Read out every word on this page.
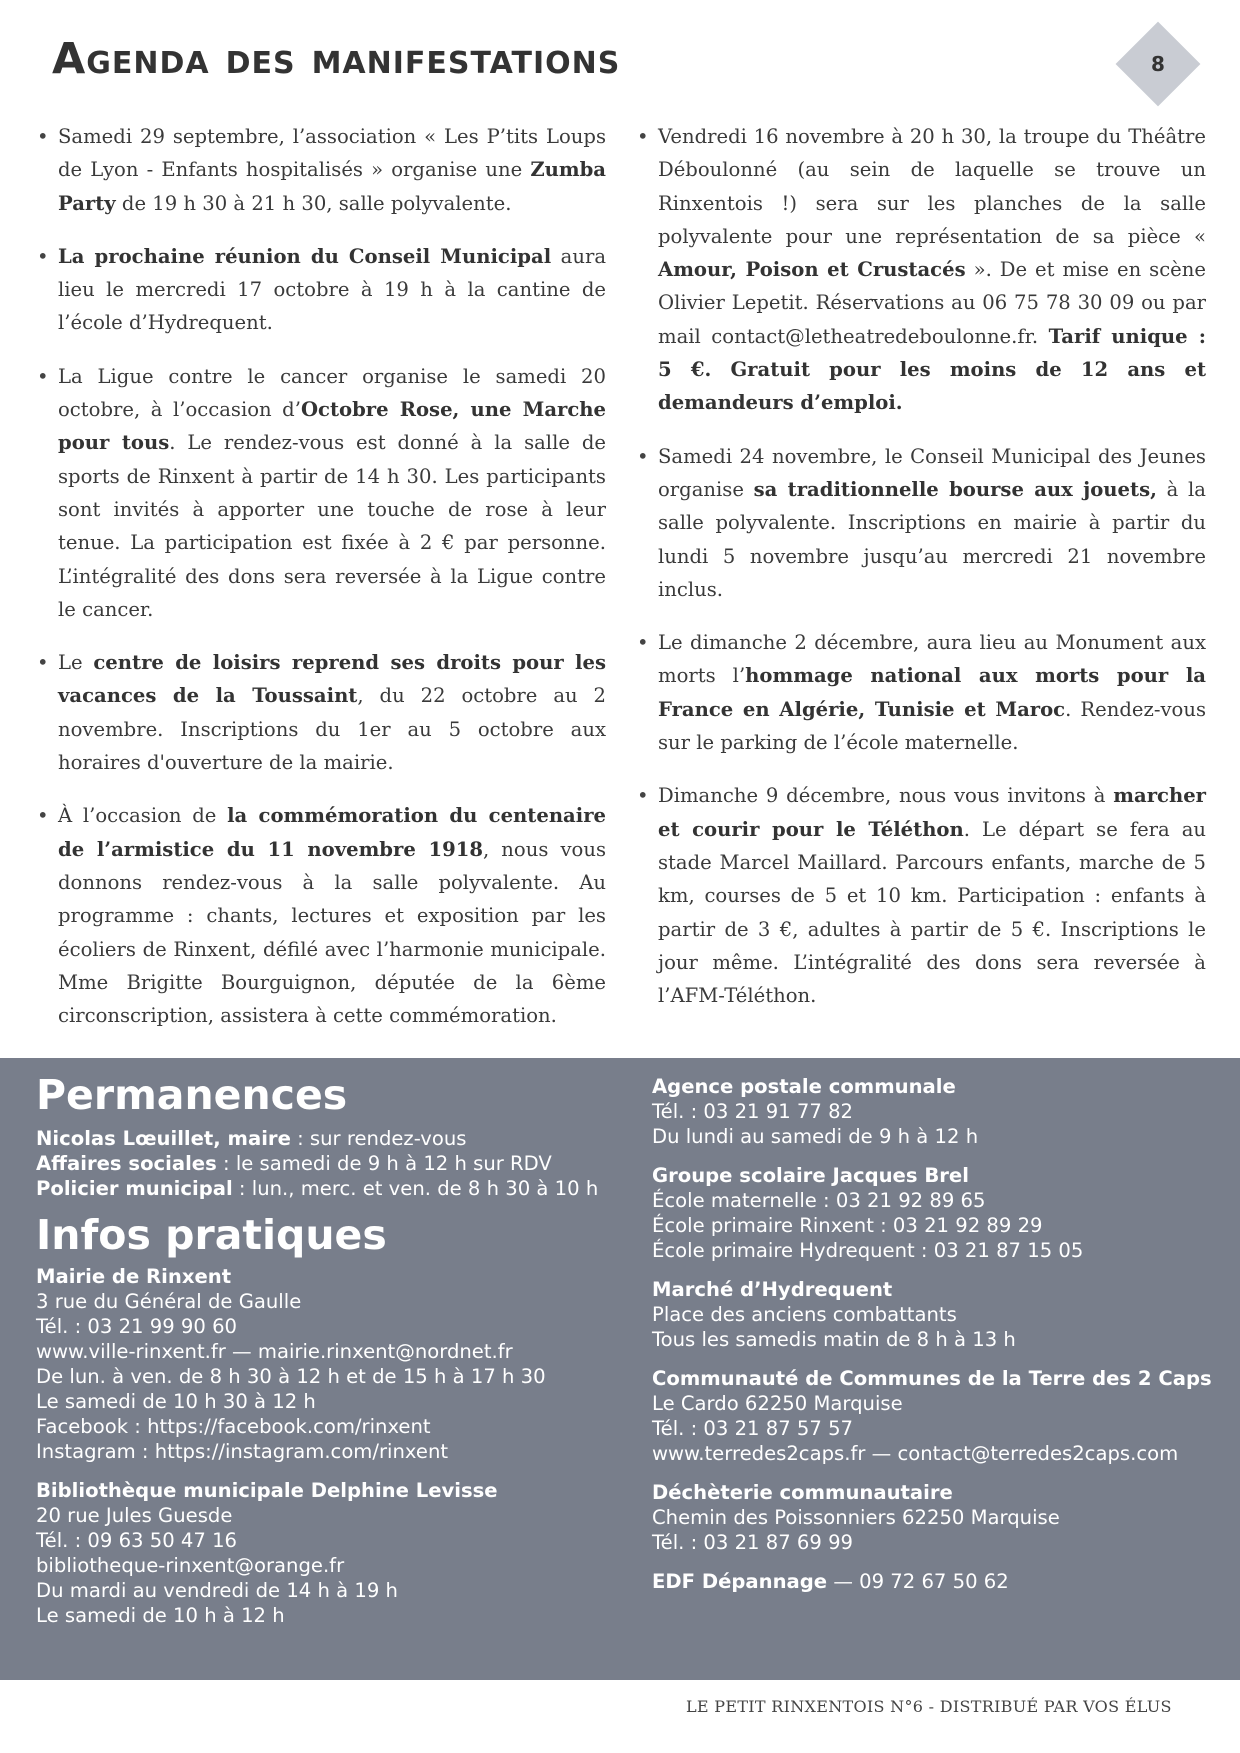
Agenda des manifestations	8
• Samedi 29 septembre, l’association « Les P’tits Loups de Lyon - Enfants hospitalisés » organise une Zumba Party de 19 h 30 à 21 h 30, salle polyvalente.
• La prochaine réunion du Conseil Municipal aura lieu le mercredi 17 octobre à 19 h à la cantine de l’école d’Hydrequent.
• La Ligue contre le cancer organise le samedi 20 octobre, à l’occasion d’Octobre Rose, une Marche pour tous. Le rendez-vous est donné à la salle de sports de Rinxent à partir de 14 h 30. Les participants sont invités à apporter une touche de rose à leur tenue. La participation est fixée à 2 € par personne. L’intégralité des dons sera reversée à la Ligue contre le cancer.
• Le centre de loisirs reprend ses droits pour les vacances de la Toussaint, du 22 octobre au 2 novembre. Inscriptions du 1er au 5 octobre aux horaires d'ouverture de la mairie.
• À l’occasion de la commémoration du centenaire de l’armistice du 11 novembre 1918, nous vous donnons rendez-vous à la salle polyvalente. Au programme : chants, lectures et exposition par les écoliers de Rinxent, défilé avec l’harmonie municipale. Mme Brigitte Bourguignon, députée de la 6ème circonscription, assistera à cette commémoration.
• Vendredi 16 novembre à 20 h 30, la troupe du Théâtre Déboulonné (au sein de laquelle se trouve un Rinxentois !) sera sur les planches de la salle polyvalente pour une représentation de sa pièce « Amour, Poison et Crustacés ». De et mise en scène Olivier Lepetit. Réservations au 06 75 78 30 09 ou par mail contact@letheatredeboulonne.fr. Tarif unique : 5 €. Gratuit pour les moins de 12 ans et demandeurs d’emploi.
• Samedi 24 novembre, le Conseil Municipal des Jeunes organise sa traditionnelle bourse aux jouets, à la salle polyvalente. Inscriptions en mairie à partir du lundi 5 novembre jusqu’au mercredi 21 novembre inclus.
• Le dimanche 2 décembre, aura lieu au Monument aux morts l’hommage national aux morts pour la France en Algérie, Tunisie et Maroc. Rendez-vous sur le parking de l’école maternelle.
• Dimanche 9 décembre, nous vous invitons à marcher et courir pour le Téléthon. Le départ se fera au stade Marcel Maillard. Parcours enfants, marche de 5 km, courses de 5 et 10 km. Participation : enfants à partir de 3 €, adultes à partir de 5 €. Inscriptions le jour même. L’intégralité des dons sera reversée à l’AFM-Téléthon.
Permanences
Nicolas Lœuillet, maire : sur rendez-vous
Affaires sociales : le samedi de 9 h à 12 h sur RDV
Policier municipal : lun., merc. et ven. de 8 h 30 à 10 h
Infos pratiques
Mairie de Rinxent
3 rue du Général de Gaulle
Tél. : 03 21 99 90 60
www.ville-rinxent.fr — mairie.rinxent@nordnet.fr
De lun. à ven. de 8 h 30 à 12 h et de 15 h à 17 h 30
Le samedi de 10 h 30 à 12 h
Facebook : https://facebook.com/rinxent
Instagram : https://instagram.com/rinxent
Bibliothèque municipale Delphine Levisse
20 rue Jules Guesde
Tél. : 09 63 50 47 16
bibliotheque-rinxent@orange.fr
Du mardi au vendredi de 14 h à 19 h
Le samedi de 10 h à 12 h
Agence postale communale
Tél. : 03 21 91 77 82
Du lundi au samedi de 9 h à 12 h
Groupe scolaire Jacques Brel
École maternelle : 03 21 92 89 65
École primaire Rinxent : 03 21 92 89 29
École primaire Hydrequent : 03 21 87 15 05
Marché d’Hydrequent
Place des anciens combattants
Tous les samedis matin de 8 h à 13 h
Communauté de Communes de la Terre des 2 Caps
Le Cardo 62250 Marquise
Tél. : 03 21 87 57 57
www.terredes2caps.fr — contact@terredes2caps.com
Déchèterie communautaire
Chemin des Poissonniers 62250 Marquise
Tél. : 03 21 87 69 99
EDF Dépannage — 09 72 67 50 62
LE PETIT RINXENTOIS N°6 - DISTRIBUÉ PAR VOS ÉLUS
